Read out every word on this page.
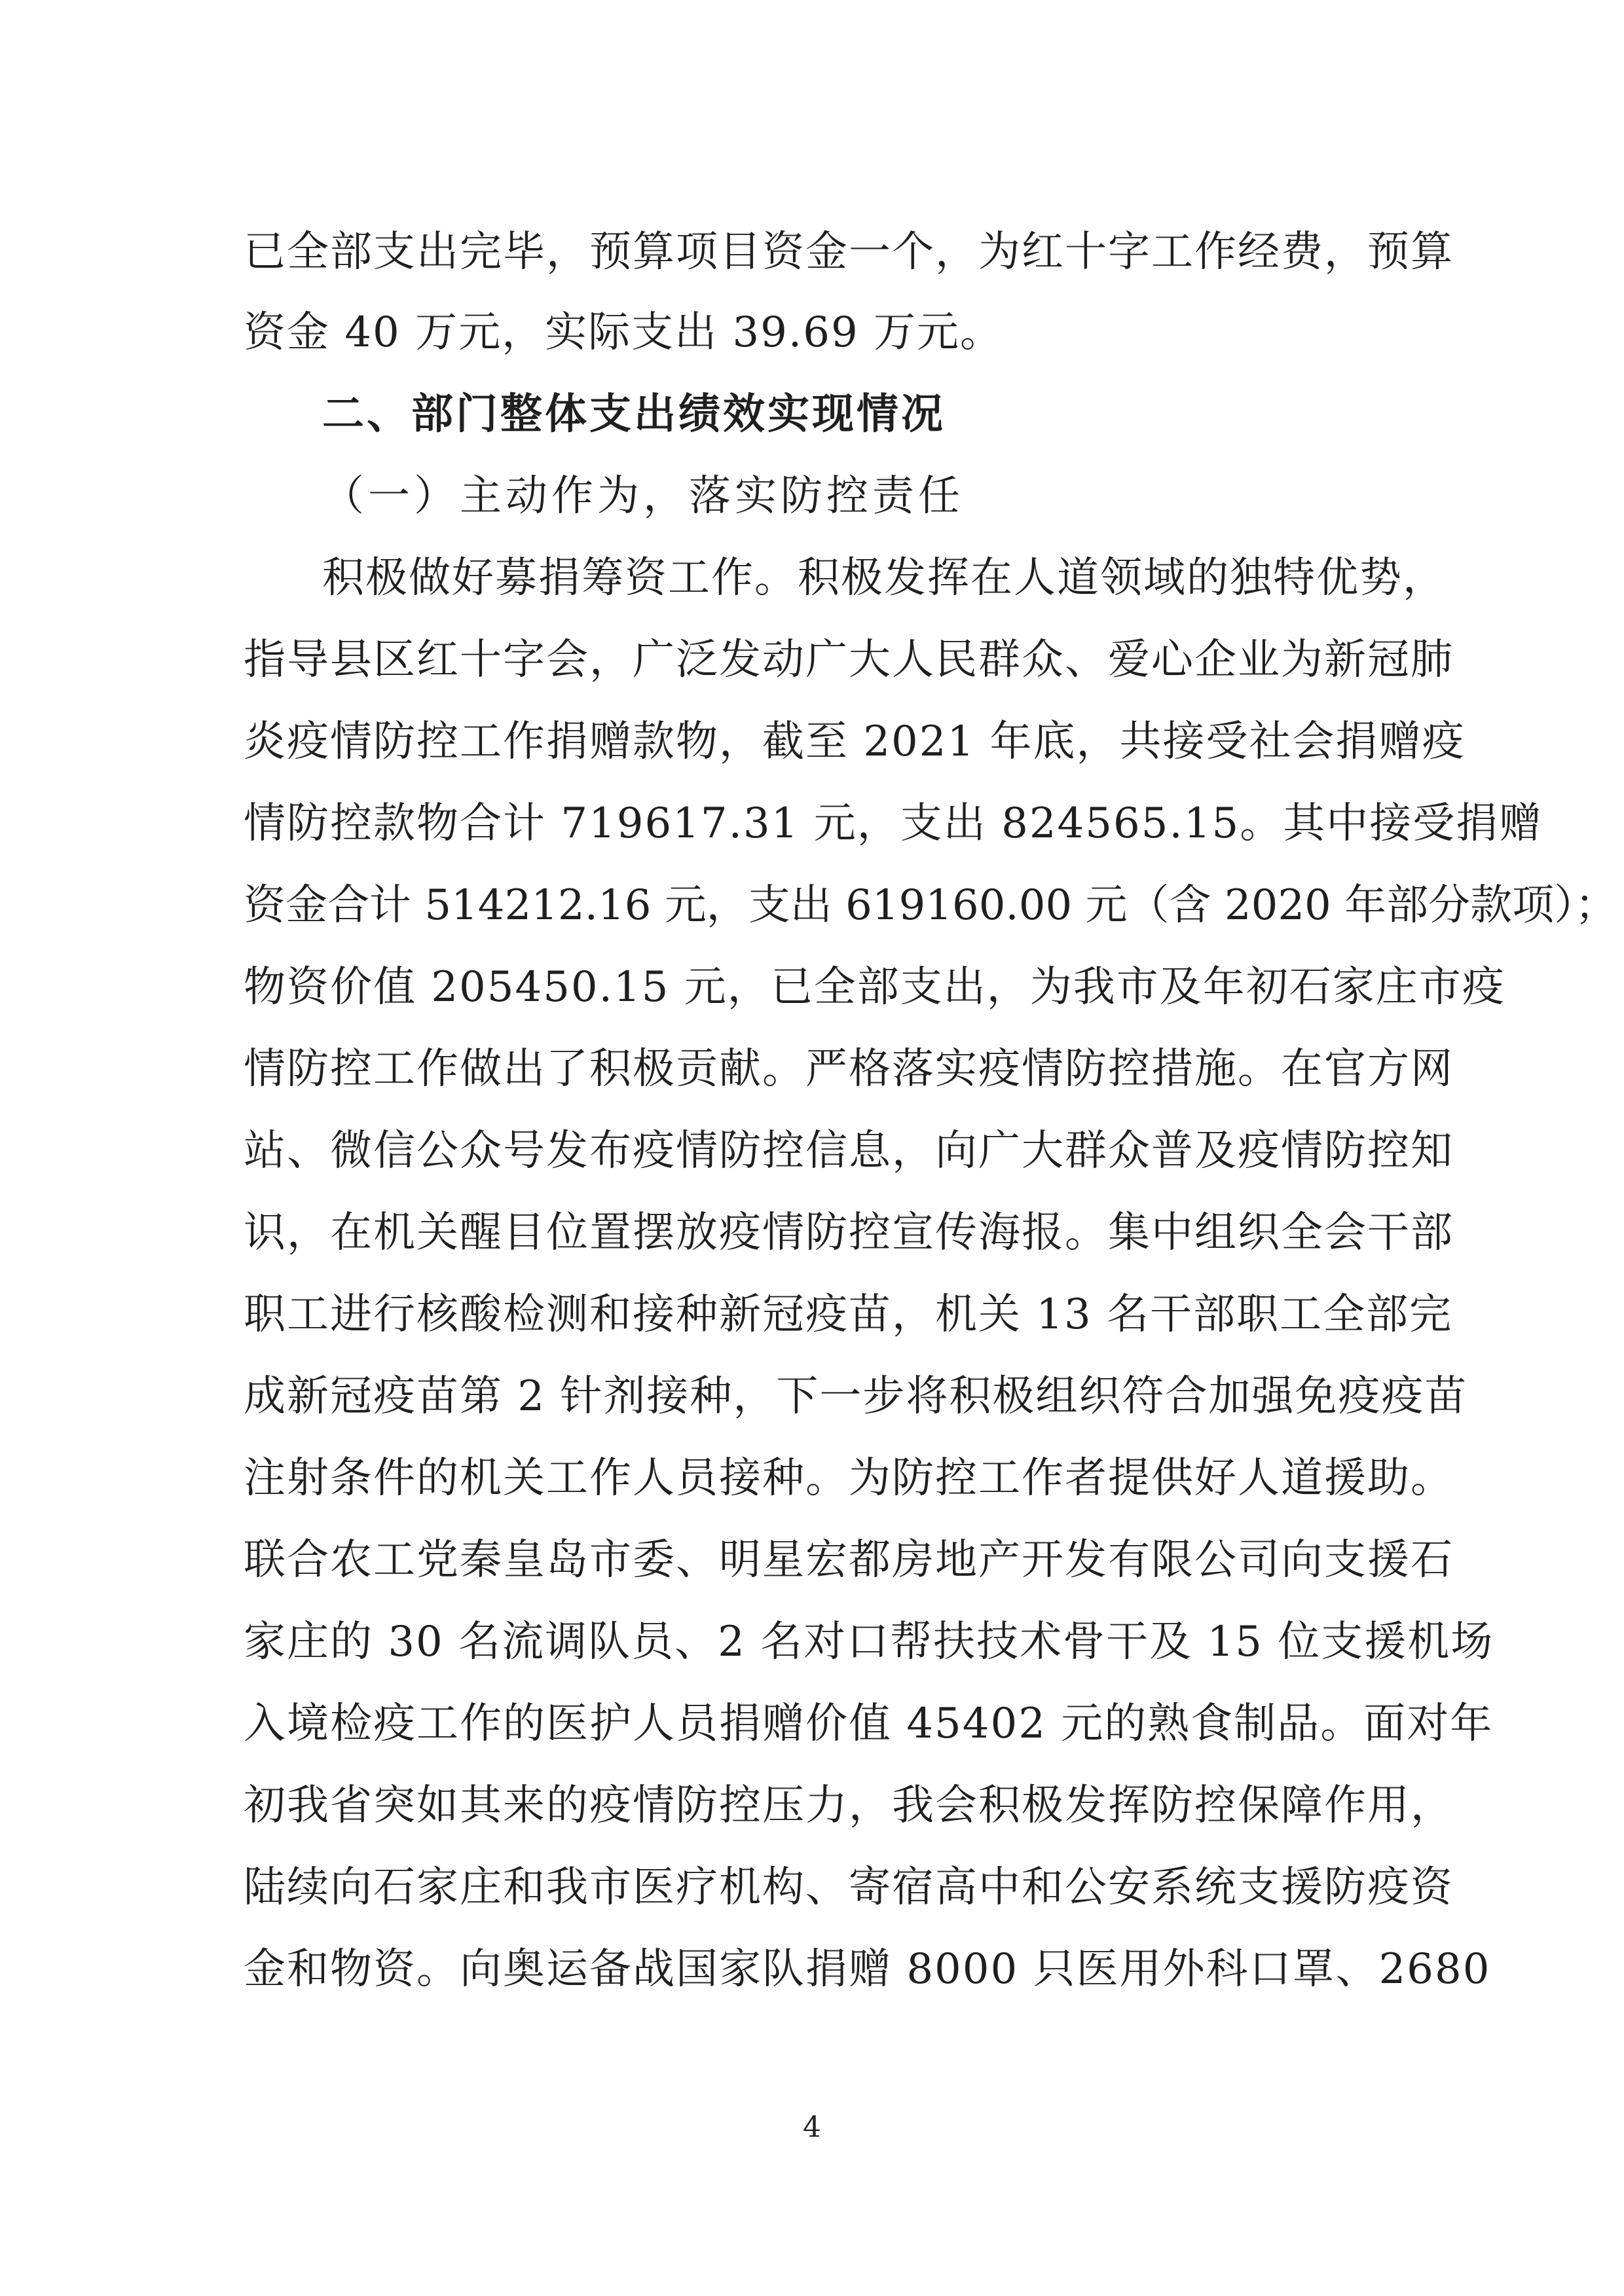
已全部支出完毕，预算项目资金一个，为红十字工作经费，预算
资金 40 万元，实际支出 39.69 万元。
二、部门整体支出绩效实现情况
（一）主动作为，落实防控责任
积极做好募捐筹资工作。积极发挥在人道领域的独特优势，
指导县区红十字会，广泛发动广大人民群众、爱心企业为新冠肺
炎疫情防控工作捐赠款物，截至 2021 年底，共接受社会捐赠疫
情防控款物合计 719617.31 元，支出 824565.15。其中接受捐赠
资金合计 514212.16 元，支出 619160.00 元（含 2020 年部分款项）；
物资价值 205450.15 元，已全部支出，为我市及年初石家庄市疫
情防控工作做出了积极贡献。严格落实疫情防控措施。在官方网
站、微信公众号发布疫情防控信息，向广大群众普及疫情防控知
识，在机关醒目位置摆放疫情防控宣传海报。集中组织全会干部
职工进行核酸检测和接种新冠疫苗，机关 13 名干部职工全部完
成新冠疫苗第 2 针剂接种，下一步将积极组织符合加强免疫疫苗
注射条件的机关工作人员接种。为防控工作者提供好人道援助。
联合农工党秦皇岛市委、明星宏都房地产开发有限公司向支援石
家庄的 30 名流调队员、2 名对口帮扶技术骨干及 15 位支援机场
入境检疫工作的医护人员捐赠价值 45402 元的熟食制品。面对年
初我省突如其来的疫情防控压力，我会积极发挥防控保障作用，
陆续向石家庄和我市医疗机构、寄宿高中和公安系统支援防疫资
金和物资。向奥运备战国家队捐赠 8000 只医用外科口罩、2680
4
